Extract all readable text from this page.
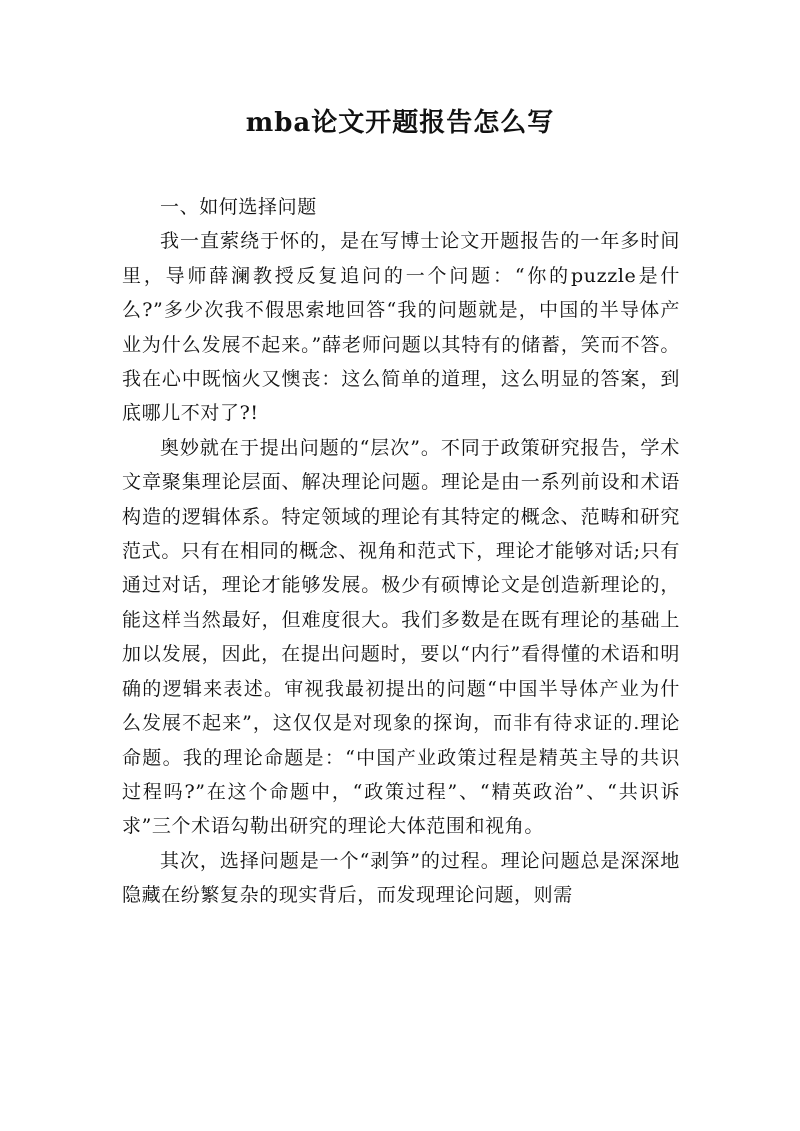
mba论文开题报告怎么写
一、如何选择问题

我一直萦绕于怀的，是在写博士论文开题报告的一年多时间里，导师薛澜教授反复追问的一个问题：“你的puzzle是什么?”多少次我不假思索地回答“我的问题就是，中国的半导体产业为什么发展不起来。”薛老师问题以其特有的储蓄，笑而不答。我在心中既恼火又懊丧：这么简单的道理，这么明显的答案，到底哪儿不对了?!

奥妙就在于提出问题的“层次”。不同于政策研究报告，学术文章聚集理论层面、解决理论问题。理论是由一系列前设和术语构造的逻辑体系。特定领域的理论有其特定的概念、范畴和研究范式。只有在相同的概念、视角和范式下，理论才能够对话;只有通过对话，理论才能够发展。极少有硕博论文是创造新理论的，能这样当然最好，但难度很大。我们多数是在既有理论的基础上加以发展，因此，在提出问题时，要以“内行”看得懂的术语和明确的逻辑来表述。审视我最初提出的问题“中国半导体产业为什么发展不起来”，这仅仅是对现象的探询，而非有待求证的.理论命题。我的理论命题是：“中国产业政策过程是精英主导的共识过程吗?”在这个命题中，“政策过程”、“精英政治”、“共识诉求”三个术语勾勒出研究的理论大体范围和视角。

其次，选择问题是一个“剥笋”的过程。理论问题总是深深地隐藏在纷繁复杂的现实背后，而发现理论问题，则需
